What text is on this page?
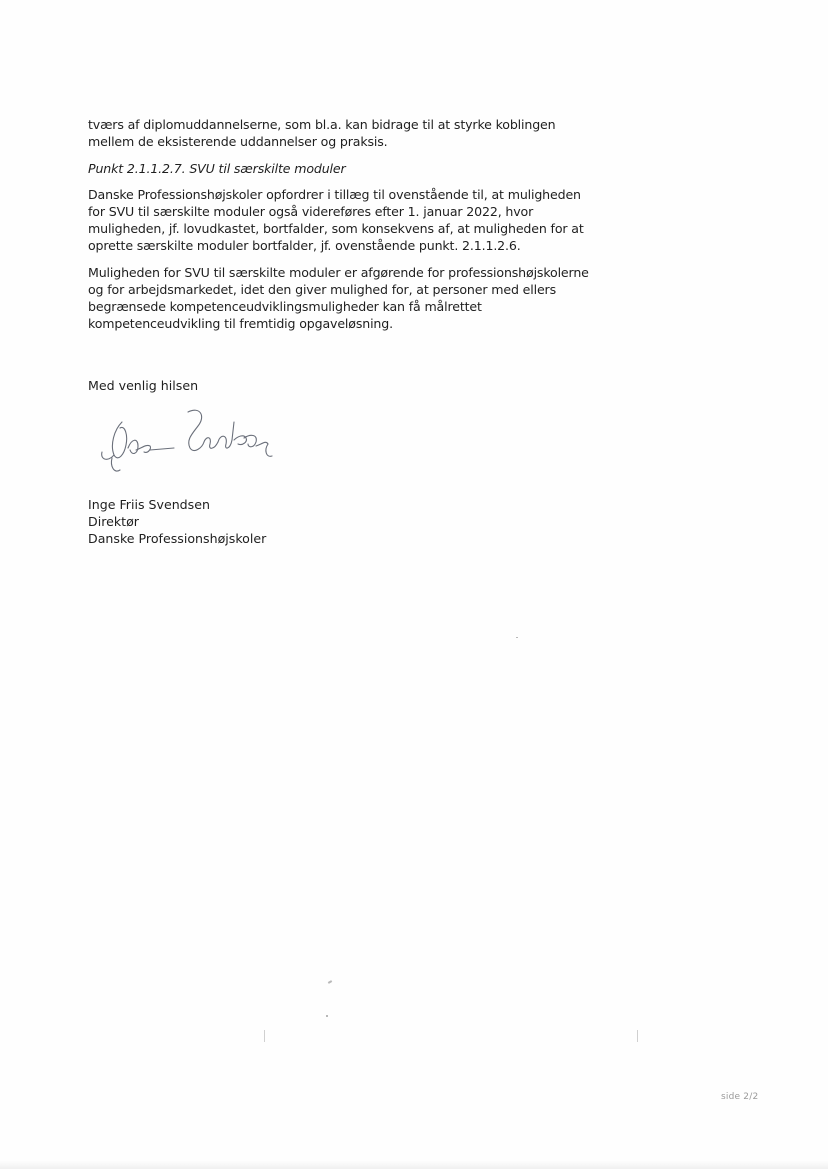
tværs af diplomuddannelserne, som bl.a. kan bidrage til at styrke koblingen
mellem de eksisterende uddannelser og praksis.

Punkt 2.1.1.2.7. SVU til særskilte moduler

Danske Professionshøjskoler opfordrer i tillæg til ovenstående til, at muligheden
for SVU til særskilte moduler også videreføres efter 1. januar 2022, hvor
muligheden, jf. lovudkastet, bortfalder, som konsekvens af, at muligheden for at
oprette særskilte moduler bortfalder, jf. ovenstående punkt. 2.1.1.2.6.

Muligheden for SVU til særskilte moduler er afgørende for professionshøjskolerne
og for arbejdsmarkedet, idet den giver mulighed for, at personer med ellers
begrænsede kompetenceudviklingsmuligheder kan få målrettet
kompetenceudvikling til fremtidig opgaveløsning.

Med venlig hilsen
Inge Friis Svendsen
Direktør
Danske Professionshøjskoler
side 2/2
